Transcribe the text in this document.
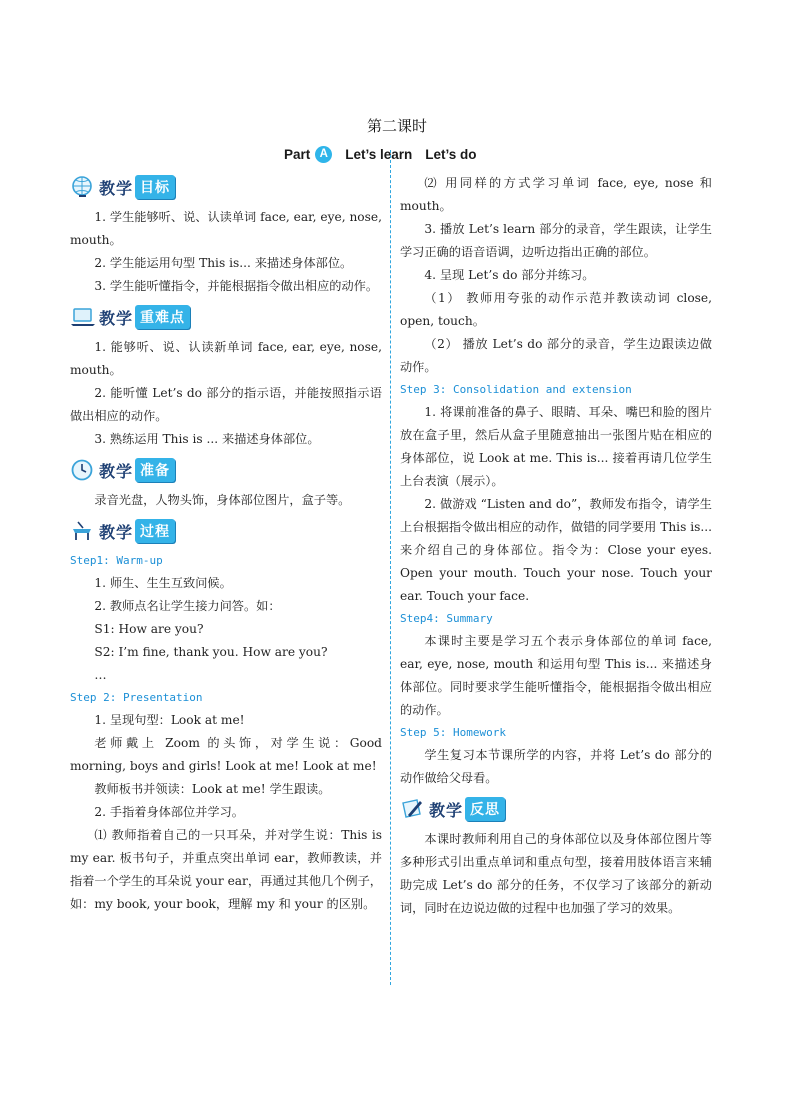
第二课时
Part A	Let’s learn Let’s do
教学 目标

1. 学生能够听、说、认读单词 face, ear, eye, nose, mouth。

2. 学生能运用句型 This is... 来描述身体部位。

3. 学生能听懂指令，并能根据指令做出相应的动作。

教学 重难点

1. 能够听、说、认读新单词 face, ear, eye, nose, mouth。

2. 能听懂 Let’s do 部分的指示语，并能按照指示语做出相应的动作。

3. 熟练运用 This is ... 来描述身体部位。

教学 准备

录音光盘，人物头饰，身体部位图片，盒子等。

教学 过程

Step1: Warm-up

1. 师生、生生互致问候。

2. 教师点名让学生接力问答。如：

S1: How are you?

S2: I’m fine, thank you. How are you?

…

Step 2: Presentation

1. 呈现句型：Look at me!

老师戴上 Zoom 的头饰，对学生说：Good morning, boys and girls! Look at me! Look at me!

教师板书并领读：Look at me! 学生跟读。

2. 手指着身体部位并学习。

⑴ 教师指着自己的一只耳朵，并对学生说：This is my ear. 板书句子，并重点突出单词 ear，教师教读，并指着一个学生的耳朵说 your ear，再通过其他几个例子，如：my book, your book，理解 my 和 your 的区别。

⑵ 用同样的方式学习单词 face, eye, nose 和 mouth。

3. 播放 Let’s learn 部分的录音，学生跟读，让学生学习正确的语音语调，边听边指出正确的部位。

4. 呈现 Let’s do 部分并练习。

（1） 教师用夸张的动作示范并教读动词 close, open, touch。

（2） 播放 Let’s do 部分的录音，学生边跟读边做动作。

Step 3: Consolidation and extension

1. 将课前准备的鼻子、眼睛、耳朵、嘴巴和脸的图片放在盒子里，然后从盒子里随意抽出一张图片贴在相应的身体部位，说 Look at me. This is... 接着再请几位学生上台表演（展示）。

2. 做游戏 “Listen and do”，教师发布指令，请学生上台根据指令做出相应的动作，做错的同学要用 This is... 来介绍自己的身体部位。指令为：Close your eyes. Open your mouth. Touch your nose. Touch your ear. Touch your face.

Step4: Summary

本课时主要是学习五个表示身体部位的单词 face, ear, eye, nose, mouth 和运用句型 This is... 来描述身体部位。同时要求学生能听懂指令，能根据指令做出相应的动作。

Step 5: Homework

学生复习本节课所学的内容，并将 Let’s do 部分的动作做给父母看。

教学 反思

本课时教师利用自己的身体部位以及身体部位图片等多种形式引出重点单词和重点句型，接着用肢体语言来辅助完成 Let’s do 部分的任务，不仅学习了该部分的新动词，同时在边说边做的过程中也加强了学习的效果。
